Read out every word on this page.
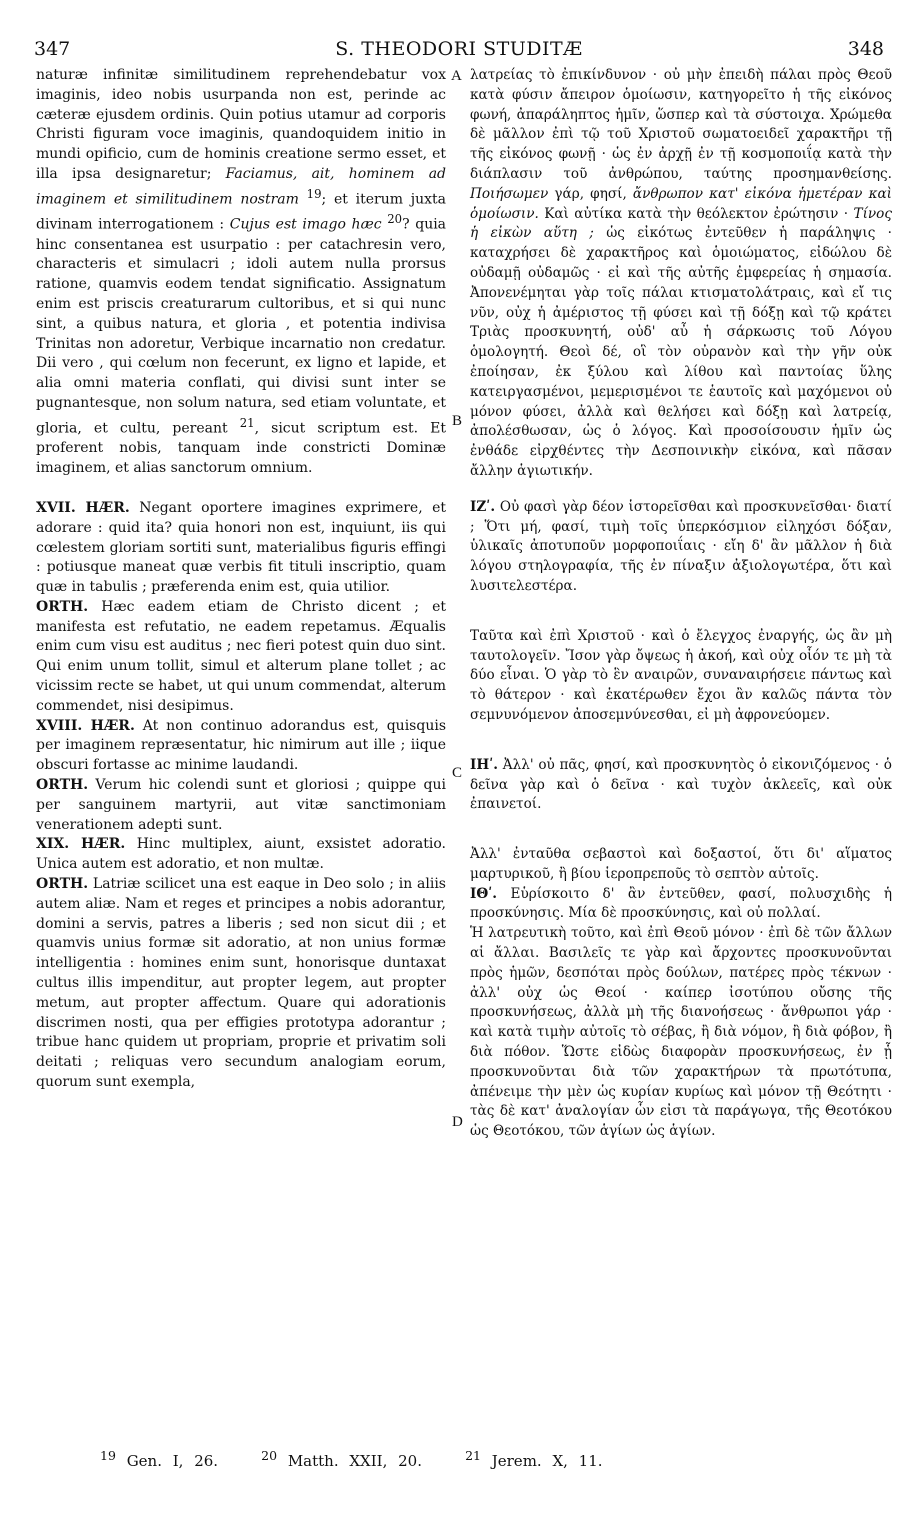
S. THEODORI STUDITÆ
347	348

naturæ infinitæ similitudinem reprehendebatur vox imaginis, ideo nobis usurpanda non est, perinde ac cæteræ ejusdem ordinis. Quin potius utamur ad corporis Christi figuram voce imaginis, quandoquidem initio in mundi opificio, cum de hominis creatione sermo esset, et illa ipsa designaretur; Faciamus, ait, hominem ad imaginem et similitudinem nostram $^{19}$; et iterum juxta divinam interrogationem : Cujus est imago hæc $^{20}$? quia hinc consentanea est usurpatio : per catachresin vero, characteris et simulacri ; idoli autem nulla prorsus ratione, quamvis eodem tendat significatio. Assignatum enim est priscis creaturarum cultoribus, et si qui nunc sint, a quibus natura, et gloria , et potentia indivisa Trinitas non adoretur, Verbique incarnatio non credatur. Dii vero , qui cœlum non fecerunt, ex ligno et lapide, et alia omni materia conflati, qui divisi sunt inter se pugnantesque, non solum natura, sed etiam voluntate, et gloria, et cultu, pereant $^{21}$, sicut scriptum est. Et proferent nobis, tanquam inde constricti Dominæ imaginem, et alias sanctorum omnium.

XVII. HÆR. Negant oportere imagines exprimere, et adorare : quid ita? quia honori non est, inquiunt, iis qui cœlestem gloriam sortiti sunt, materialibus figuris effingi : potiusque maneat quæ verbis fit tituli inscriptio, quam quæ in tabulis ; præferenda enim est, quia utilior.

ORTH. Hæc eadem etiam de Christo dicent ; et manifesta est refutatio, ne eadem repetamus. Æqualis enim cum visu est auditus ; nec fieri potest quin duo sint. Qui enim unum tollit, simul et alterum plane tollet ; ac vicissim recte se habet, ut qui unum commendat, alterum commendet, nisi desipimus.

XVIII. HÆR. At non continuo adorandus est, quisquis per imaginem repræsentatur, hic nimirum aut ille ; iique obscuri fortasse ac minime laudandi.

ORTH. Verum hic colendi sunt et gloriosi ; quippe qui per sanguinem martyrii, aut vitæ sanctimoniam venerationem adepti sunt.

XIX. HÆR. Hinc multiplex, aiunt, exsistet adoratio. Unica autem est adoratio, et non multæ.

ORTH. Latriæ scilicet una est eaque in Deo solo ; in aliis autem aliæ. Nam et reges et principes a nobis adorantur, domini a servis, patres a liberis ; sed non sicut dii ; et quamvis unius formæ sit adoratio, at non unius formæ intelligentia : homines enim sunt, honorisque duntaxat cultus illis impenditur, aut propter legem, aut propter metum, aut propter affectum. Quare qui adorationis discrimen nosti, qua per effigies prototypa adorantur ; tribue hanc quidem ut propriam, proprie et privatim soli deitati ; reliquas vero secundum analogiam eorum, quorum sunt exempla,

A
B
C
D

λατρείας τὸ ἐπικίνδυνον · οὐ μὴν ἐπειδὴ πάλαι πρὸς Θεοῦ κατὰ φύσιν ἄπειρον ὁμοίωσιν, κατηγορεῖτο ἡ τῆς εἰκόνος φωνή, ἀπαράληπτος ἡμῖν, ὥσπερ καὶ τὰ σύστοιχα. Χρώμεθα δὲ μᾶλλον ἐπὶ τῷ τοῦ Χριστοῦ σωματοειδεῖ χαρακτῆρι τῇ τῆς εἰκόνος φωνῇ · ὡς ἐν ἀρχῇ ἐν τῇ κοσμοποιΐᾳ κατὰ τὴν διάπλασιν τοῦ ἀνθρώπου, ταύτης προσημανθείσης. Ποιήσωμεν γάρ, φησί, ἄνθρωπον κατ' εἰκόνα ἡμετέραν καὶ ὁμοίωσιν. Καὶ αὐτίκα κατὰ τὴν θεόλεκτον ἐρώτησιν · Τίνος ἡ εἰκὼν αὕτη ; ὡς εἰκότως ἐντεῦθεν ἡ παράληψις · καταχρήσει δὲ χαρακτῆρος καὶ ὁμοιώματος, εἰδώλου δὲ οὐδαμῇ οὐδαμῶς · εἰ καὶ τῆς αὐτῆς ἐμφερείας ἡ σημασία. Ἀπονενέμηται γὰρ τοῖς πάλαι κτισματολάτραις, καὶ εἴ τις νῦν, οὐχ ἡ ἀμέριστος τῇ φύσει καὶ τῇ δόξῃ καὶ τῷ κράτει Τριὰς προσκυνητή, οὐδ' αὖ ἡ σάρκωσις τοῦ Λόγου ὁμολογητή. Θεοὶ δέ, οἳ τὸν οὐρανὸν καὶ τὴν γῆν οὐκ ἐποίησαν, ἐκ ξύλου καὶ λίθου καὶ παντοίας ὕλης κατειργασμένοι, μεμερισμένοι τε ἑαυτοῖς καὶ μαχόμενοι οὐ μόνον φύσει, ἀλλὰ καὶ θελήσει καὶ δόξῃ καὶ λατρείᾳ, ἀπολέσθωσαν, ὡς ὁ λόγος. Καὶ προσοίσουσιν ἡμῖν ὡς ἐνθάδε εἰρχθέντες τὴν Δεσποινικὴν εἰκόνα, καὶ πᾶσαν ἄλλην ἁγιωτικήν.

ΙΖʹ. Οὐ φασὶ γὰρ δέον ἱστορεῖσθαι καὶ προσκυνεῖσθαι· διατί ; Ὅτι μή, φασί, τιμὴ τοῖς ὑπερκόσμιον εἰληχόσι δόξαν, ὑλικαῖς ἀποτυποῦν μορφοποιΐαις · εἴη δ' ἂν μᾶλλον ἡ διὰ λόγου στηλογραφία, τῆς ἐν πίναξιν ἀξιολογωτέρα, ὅτι καὶ λυσιτελεστέρα.

Ταῦτα καὶ ἐπὶ Χριστοῦ · καὶ ὁ ἔλεγχος ἐναργής, ὡς ἂν μὴ ταυτολογεῖν. Ἴσον γὰρ ὄψεως ἡ ἀκοή, καὶ οὐχ οἷόν τε μὴ τὰ δύο εἶναι. Ὁ γὰρ τὸ ἓν αναιρῶν, συναναιρήσειε πάντως καὶ τὸ θάτερον · καὶ ἑκατέρωθεν ἔχοι ἂν καλῶς πάντα τὸν σεμνυνόμενον ἀποσεμνύνεσθαι, εἰ μὴ ἀφρονεύομεν.

ΙΗʹ. Ἀλλ' οὐ πᾶς, φησί, καὶ προσκυνητὸς ὁ εἰκονιζόμενος · ὁ δεῖνα γὰρ καὶ ὁ δεῖνα · καὶ τυχὸν ἀκλεεῖς, καὶ οὐκ ἐπαινετοί.

Ἀλλ' ἐνταῦθα σεβαστοὶ καὶ δοξαστοί, ὅτι δι' αἵματος μαρτυρικοῦ, ἢ βίου ἱεροπρεποῦς τὸ σεπτὸν αὐτοῖς.

ΙΘʹ. Εὑρίσκοιτο δ' ἂν ἐντεῦθεν, φασί, πολυσχιδὴς ἡ προσκύνησις. Μία δὲ προσκύνησις, καὶ οὐ πολλαί.

Ἡ λατρευτικὴ τοῦτο, καὶ ἐπὶ Θεοῦ μόνον · ἐπὶ δὲ τῶν ἄλλων αἱ ἄλλαι. Βασιλεῖς τε γὰρ καὶ ἄρχοντες προσκυνοῦνται πρὸς ἡμῶν, δεσπόται πρὸς δούλων, πατέρες πρὸς τέκνων · ἀλλ' οὐχ ὡς Θεοί · καίπερ ἰσοτύπου οὔσης τῆς προσκυνήσεως, ἀλλὰ μὴ τῆς διανοήσεως · ἄνθρωποι γάρ · καὶ κατὰ τιμὴν αὐτοῖς τὸ σέβας, ἢ διὰ νόμον, ἢ διὰ φόβον, ἢ διὰ πόθον. Ὥστε εἰδὼς διαφορὰν προσκυνήσεως, ἐν ᾗ προσκυνοῦνται διὰ τῶν χαρακτήρων τὰ πρωτότυπα, ἀπένειμε τὴν μὲν ὡς κυρίαν κυρίως καὶ μόνον τῇ Θεότητι · τὰς δὲ κατ' ἀναλογίαν ὧν εἰσι τὰ παράγωγα, τῆς Θεοτόκου ὡς Θεοτόκου, τῶν ἁγίων ὡς ἁγίων.

$^{19}$ Gen. I, 26.	$^{20}$ Matth. XXII, 20.	$^{21}$ Jerem. X, 11.
